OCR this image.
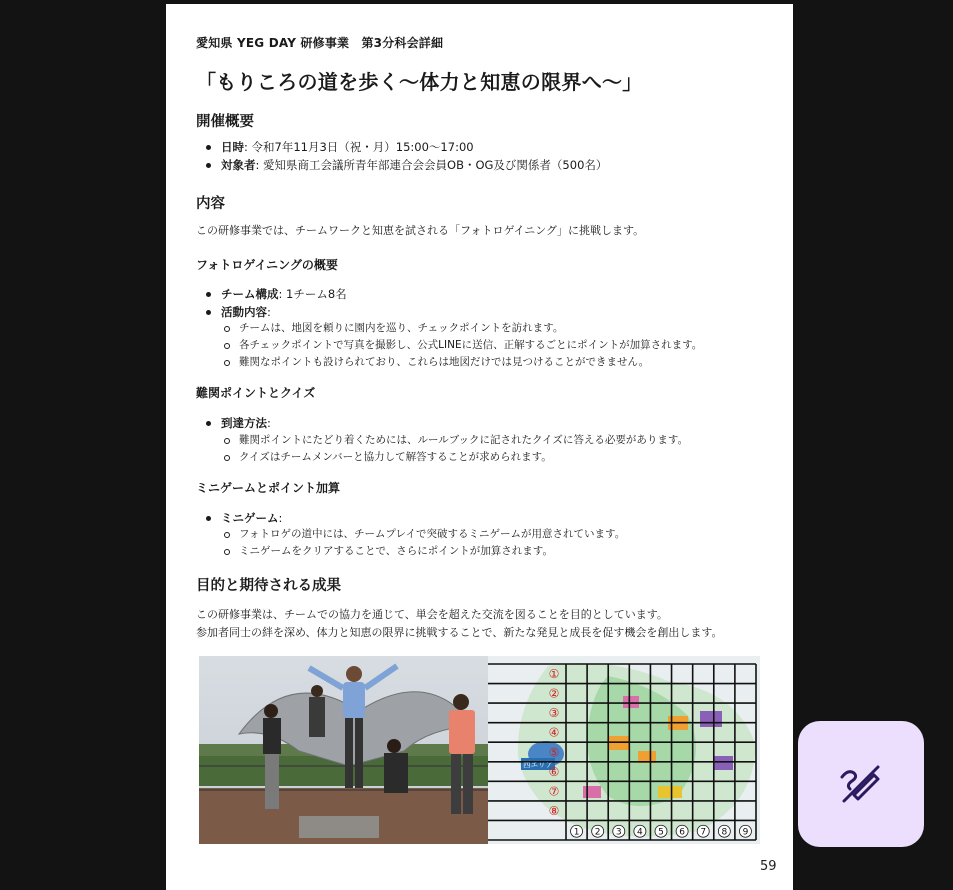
愛知県 YEG DAY 研修事業　第3分科会詳細
「もりころの道を歩く〜体力と知恵の限界へ〜」
開催概要
日時: 令和7年11月3日（祝・月）15:00〜17:00
対象者: 愛知県商工会議所青年部連合会会員OB・OG及び関係者（500名）
内容
この研修事業では、チームワークと知恵を試される「フォトロゲイニング」に挑戦します。
フォトロゲイニングの概要
チーム構成: 1チーム8名
活動内容:
チームは、地図を頼りに園内を巡り、チェックポイントを訪れます。
各チェックポイントで写真を撮影し、公式LINEに送信、正解するごとにポイントが加算されます。
難関なポイントも設けられており、これらは地図だけでは見つけることができません。
難関ポイントとクイズ
到達方法:
難関ポイントにたどり着くためには、ルールブックに記されたクイズに答える必要があります。
クイズはチームメンバーと協力して解答することが求められます。
ミニゲームとポイント加算
ミニゲーム:
フォトロゲの道中には、チームプレイで突破するミニゲームが用意されています。
ミニゲームをクリアすることで、さらにポイントが加算されます。
目的と期待される成果
この研修事業は、チームでの協力を通じて、単会を超えた交流を図ることを目的としています。
参加者同士の絆を深め、体力と知恵の限界に挑戦することで、新たな発見と成長を促す機会を創出します。
西エリア
①
②
③
④
⑤
⑥
⑦
⑧
1 2 3 4 5 6 7 8 9
59
